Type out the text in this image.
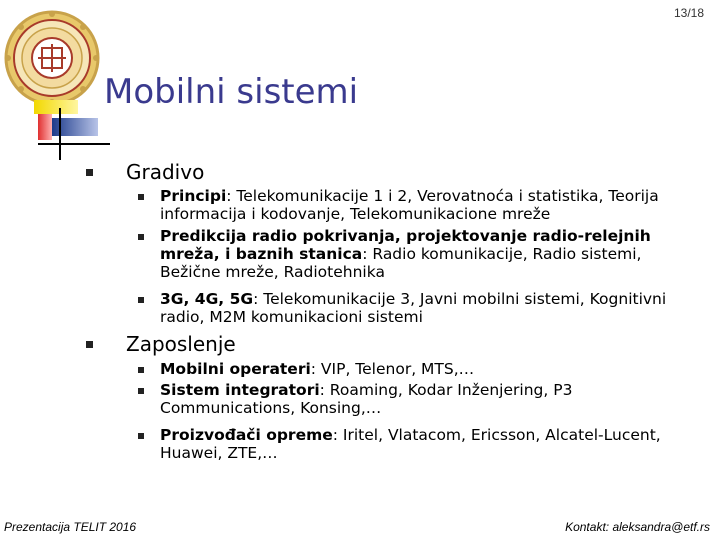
13/18
Mobilni sistemi
Gradivo
Principi: Telekomunikacije 1 i 2, Verovatnoća i statistika, Teorija informacija i kodovanje, Telekomunikacione mreže
Predikcija radio pokrivanja, projektovanje radio-relejnih mreža, i baznih stanica: Radio komunikacije, Radio sistemi, Bežične mreže, Radiotehnika
3G, 4G, 5G: Telekomunikacije 3, Javni mobilni sistemi, Kognitivni radio, M2M komunikacioni sistemi
Zaposlenje
Mobilni operateri: VIP, Telenor, MTS,…
Sistem integratori: Roaming, Kodar Inženjering, P3 Communications, Konsing,…
Proizvođači opreme: Iritel, Vlatacom, Ericsson, Alcatel-Lucent, Huawei, ZTE,…
Prezentacija TELIT 2016	Kontakt: aleksandra@etf.rs
